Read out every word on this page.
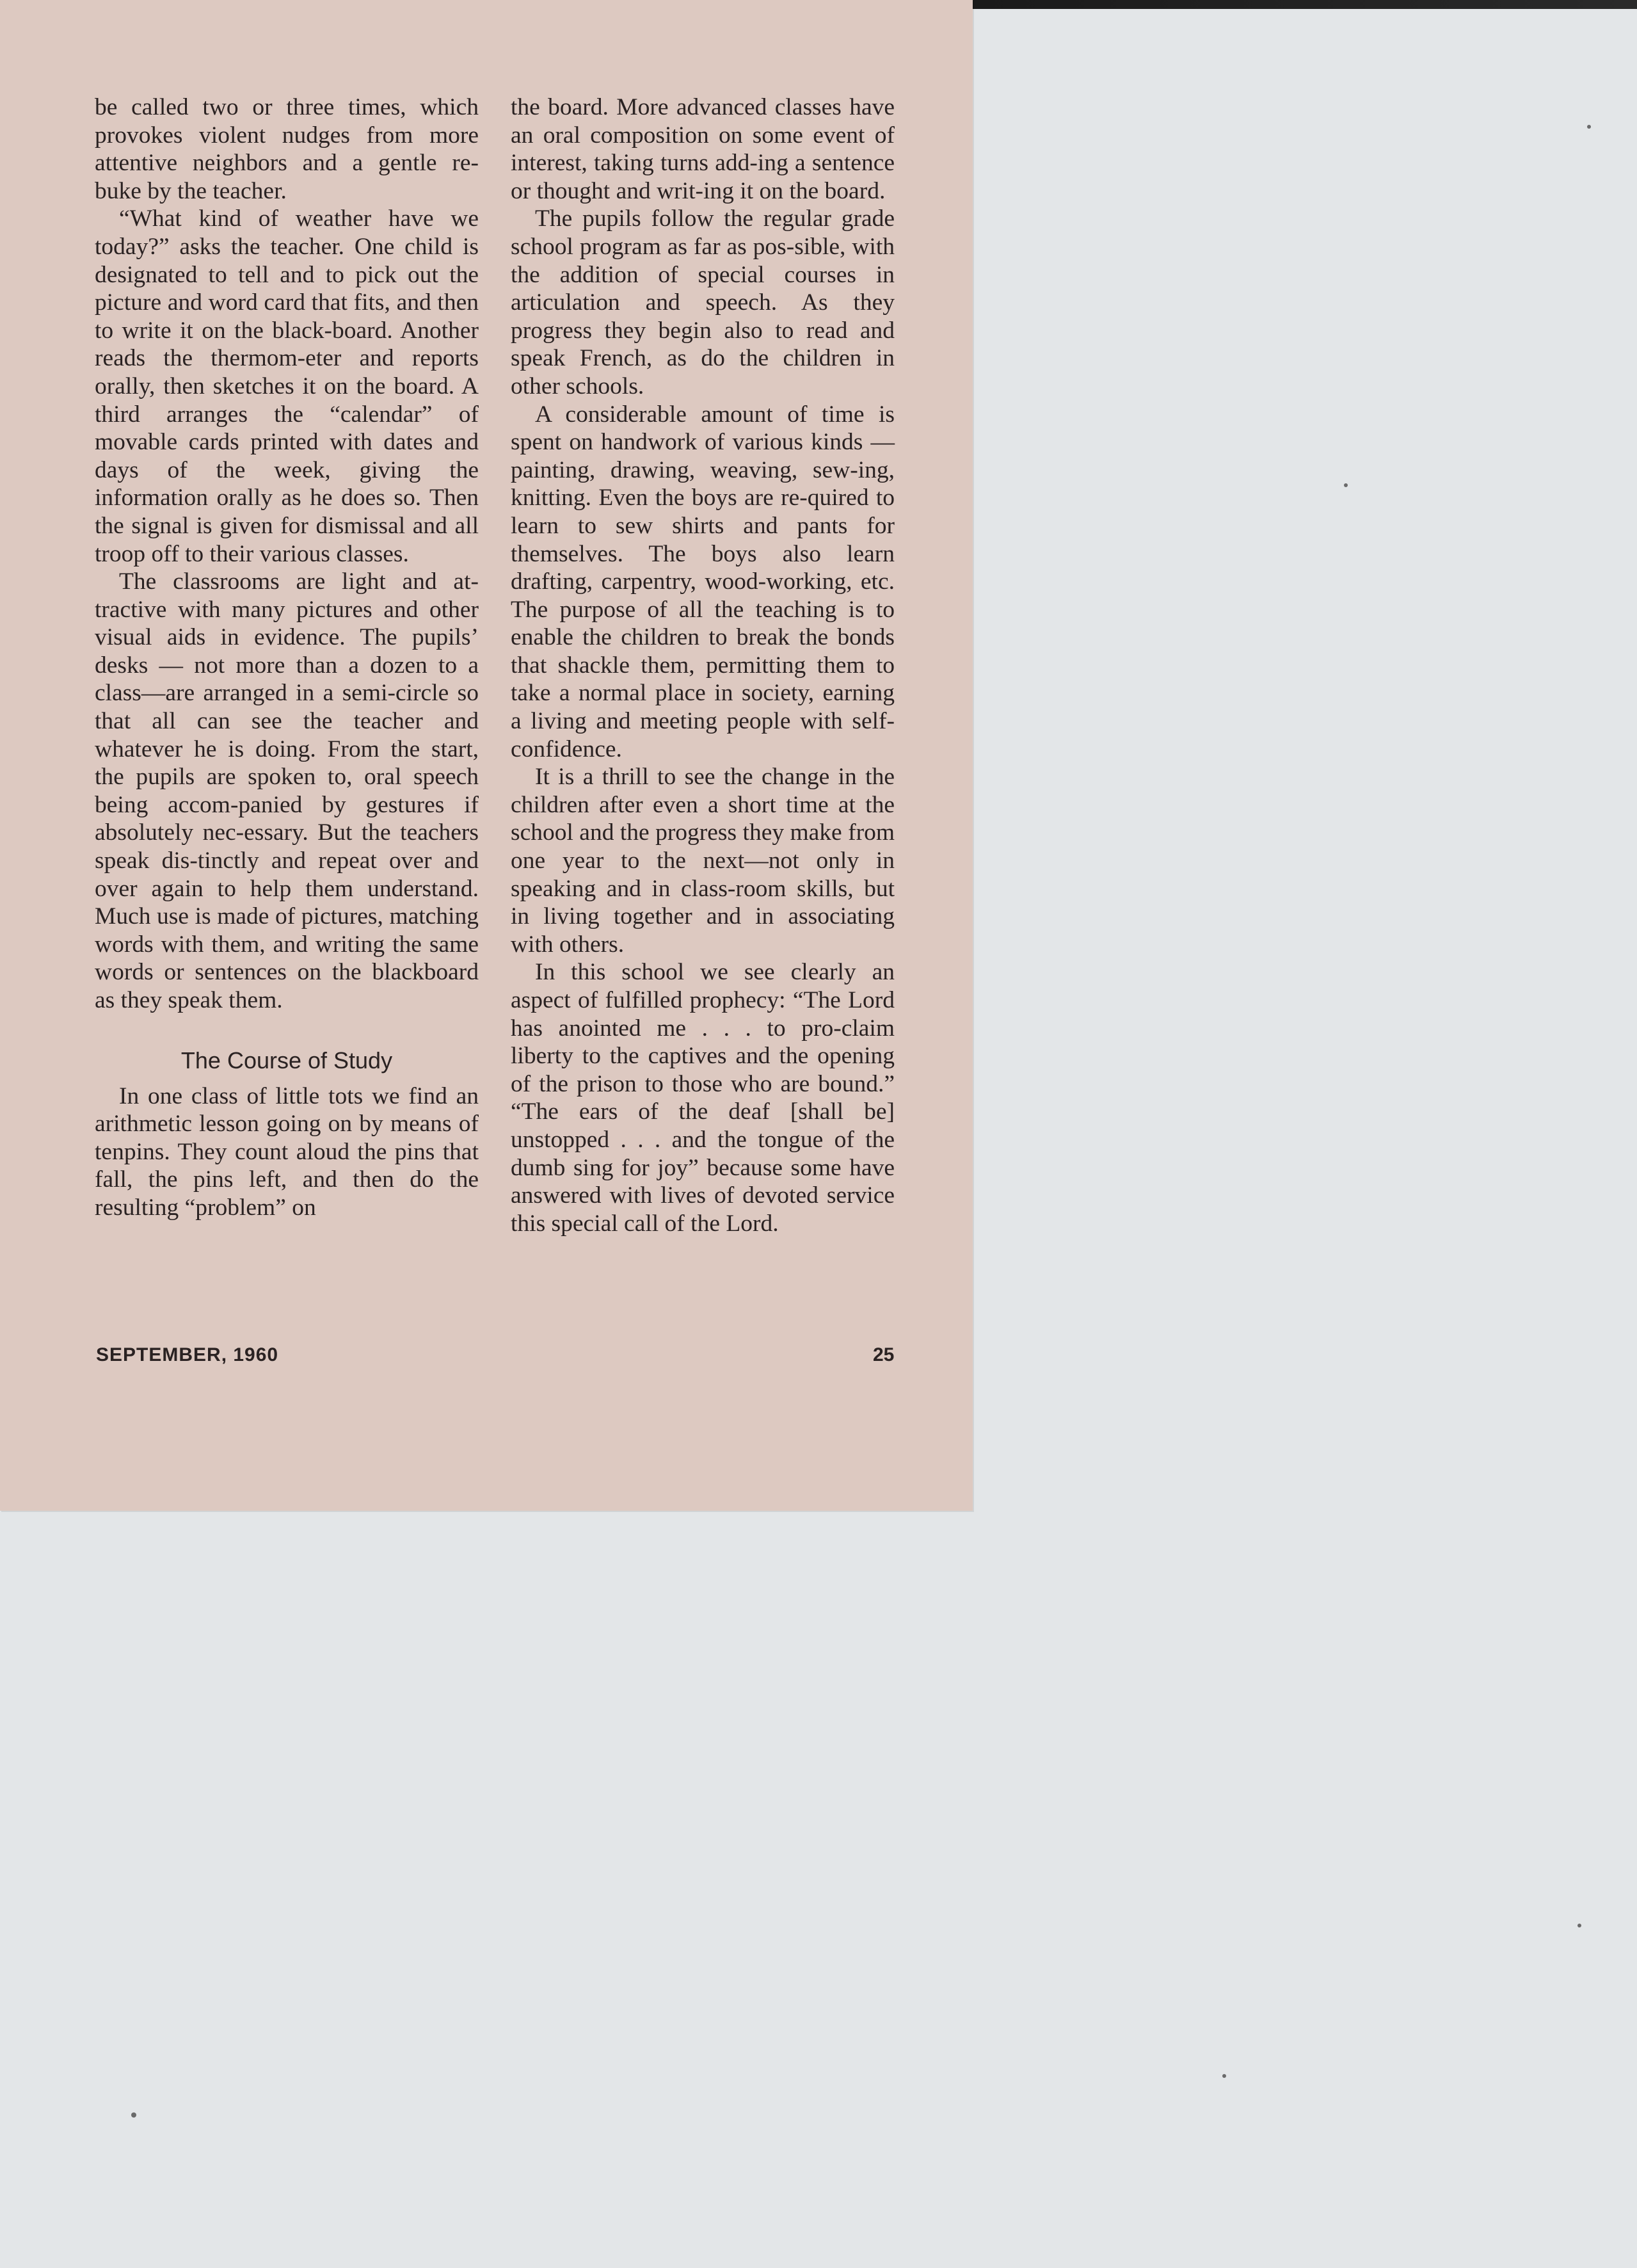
be called two or three times, which provokes violent nudges from more attentive neighbors and a gentle re-buke by the teacher.

“What kind of weather have we today?” asks the teacher. One child is designated to tell and to pick out the picture and word card that fits, and then to write it on the black-board. Another reads the thermom-eter and reports orally, then sketches it on the board. A third arranges the “calendar” of movable cards printed with dates and days of the week, giving the information orally as he does so. Then the signal is given for dismissal and all troop off to their various classes.

The classrooms are light and at-tractive with many pictures and other visual aids in evidence. The pupils’ desks — not more than a dozen to a class—are arranged in a semi-circle so that all can see the teacher and whatever he is doing. From the start, the pupils are spoken to, oral speech being accom-panied by gestures if absolutely nec-essary. But the teachers speak dis-tinctly and repeat over and over again to help them understand. Much use is made of pictures, matching words with them, and writing the same words or sentences on the blackboard as they speak them.

The Course of Study

In one class of little tots we find an arithmetic lesson going on by means of tenpins. They count aloud the pins that fall, the pins left, and then do the resulting “problem” on

the board. More advanced classes have an oral composition on some event of interest, taking turns add-ing a sentence or thought and writ-ing it on the board.

The pupils follow the regular grade school program as far as pos-sible, with the addition of special courses in articulation and speech. As they progress they begin also to read and speak French, as do the children in other schools.

A considerable amount of time is spent on handwork of various kinds —painting, drawing, weaving, sew-ing, knitting. Even the boys are re-quired to learn to sew shirts and pants for themselves. The boys also learn drafting, carpentry, wood-working, etc. The purpose of all the teaching is to enable the children to break the bonds that shackle them, permitting them to take a normal place in society, earning a living and meeting people with self-confidence.

It is a thrill to see the change in the children after even a short time at the school and the progress they make from one year to the next—not only in speaking and in class-room skills, but in living together and in associating with others.

In this school we see clearly an aspect of fulfilled prophecy: “The Lord has anointed me . . . to pro-claim liberty to the captives and the opening of the prison to those who are bound.” “The ears of the deaf [shall be] unstopped . . . and the tongue of the dumb sing for joy” because some have answered with lives of devoted service this special call of the Lord.

SEPTEMBER, 1960	25
